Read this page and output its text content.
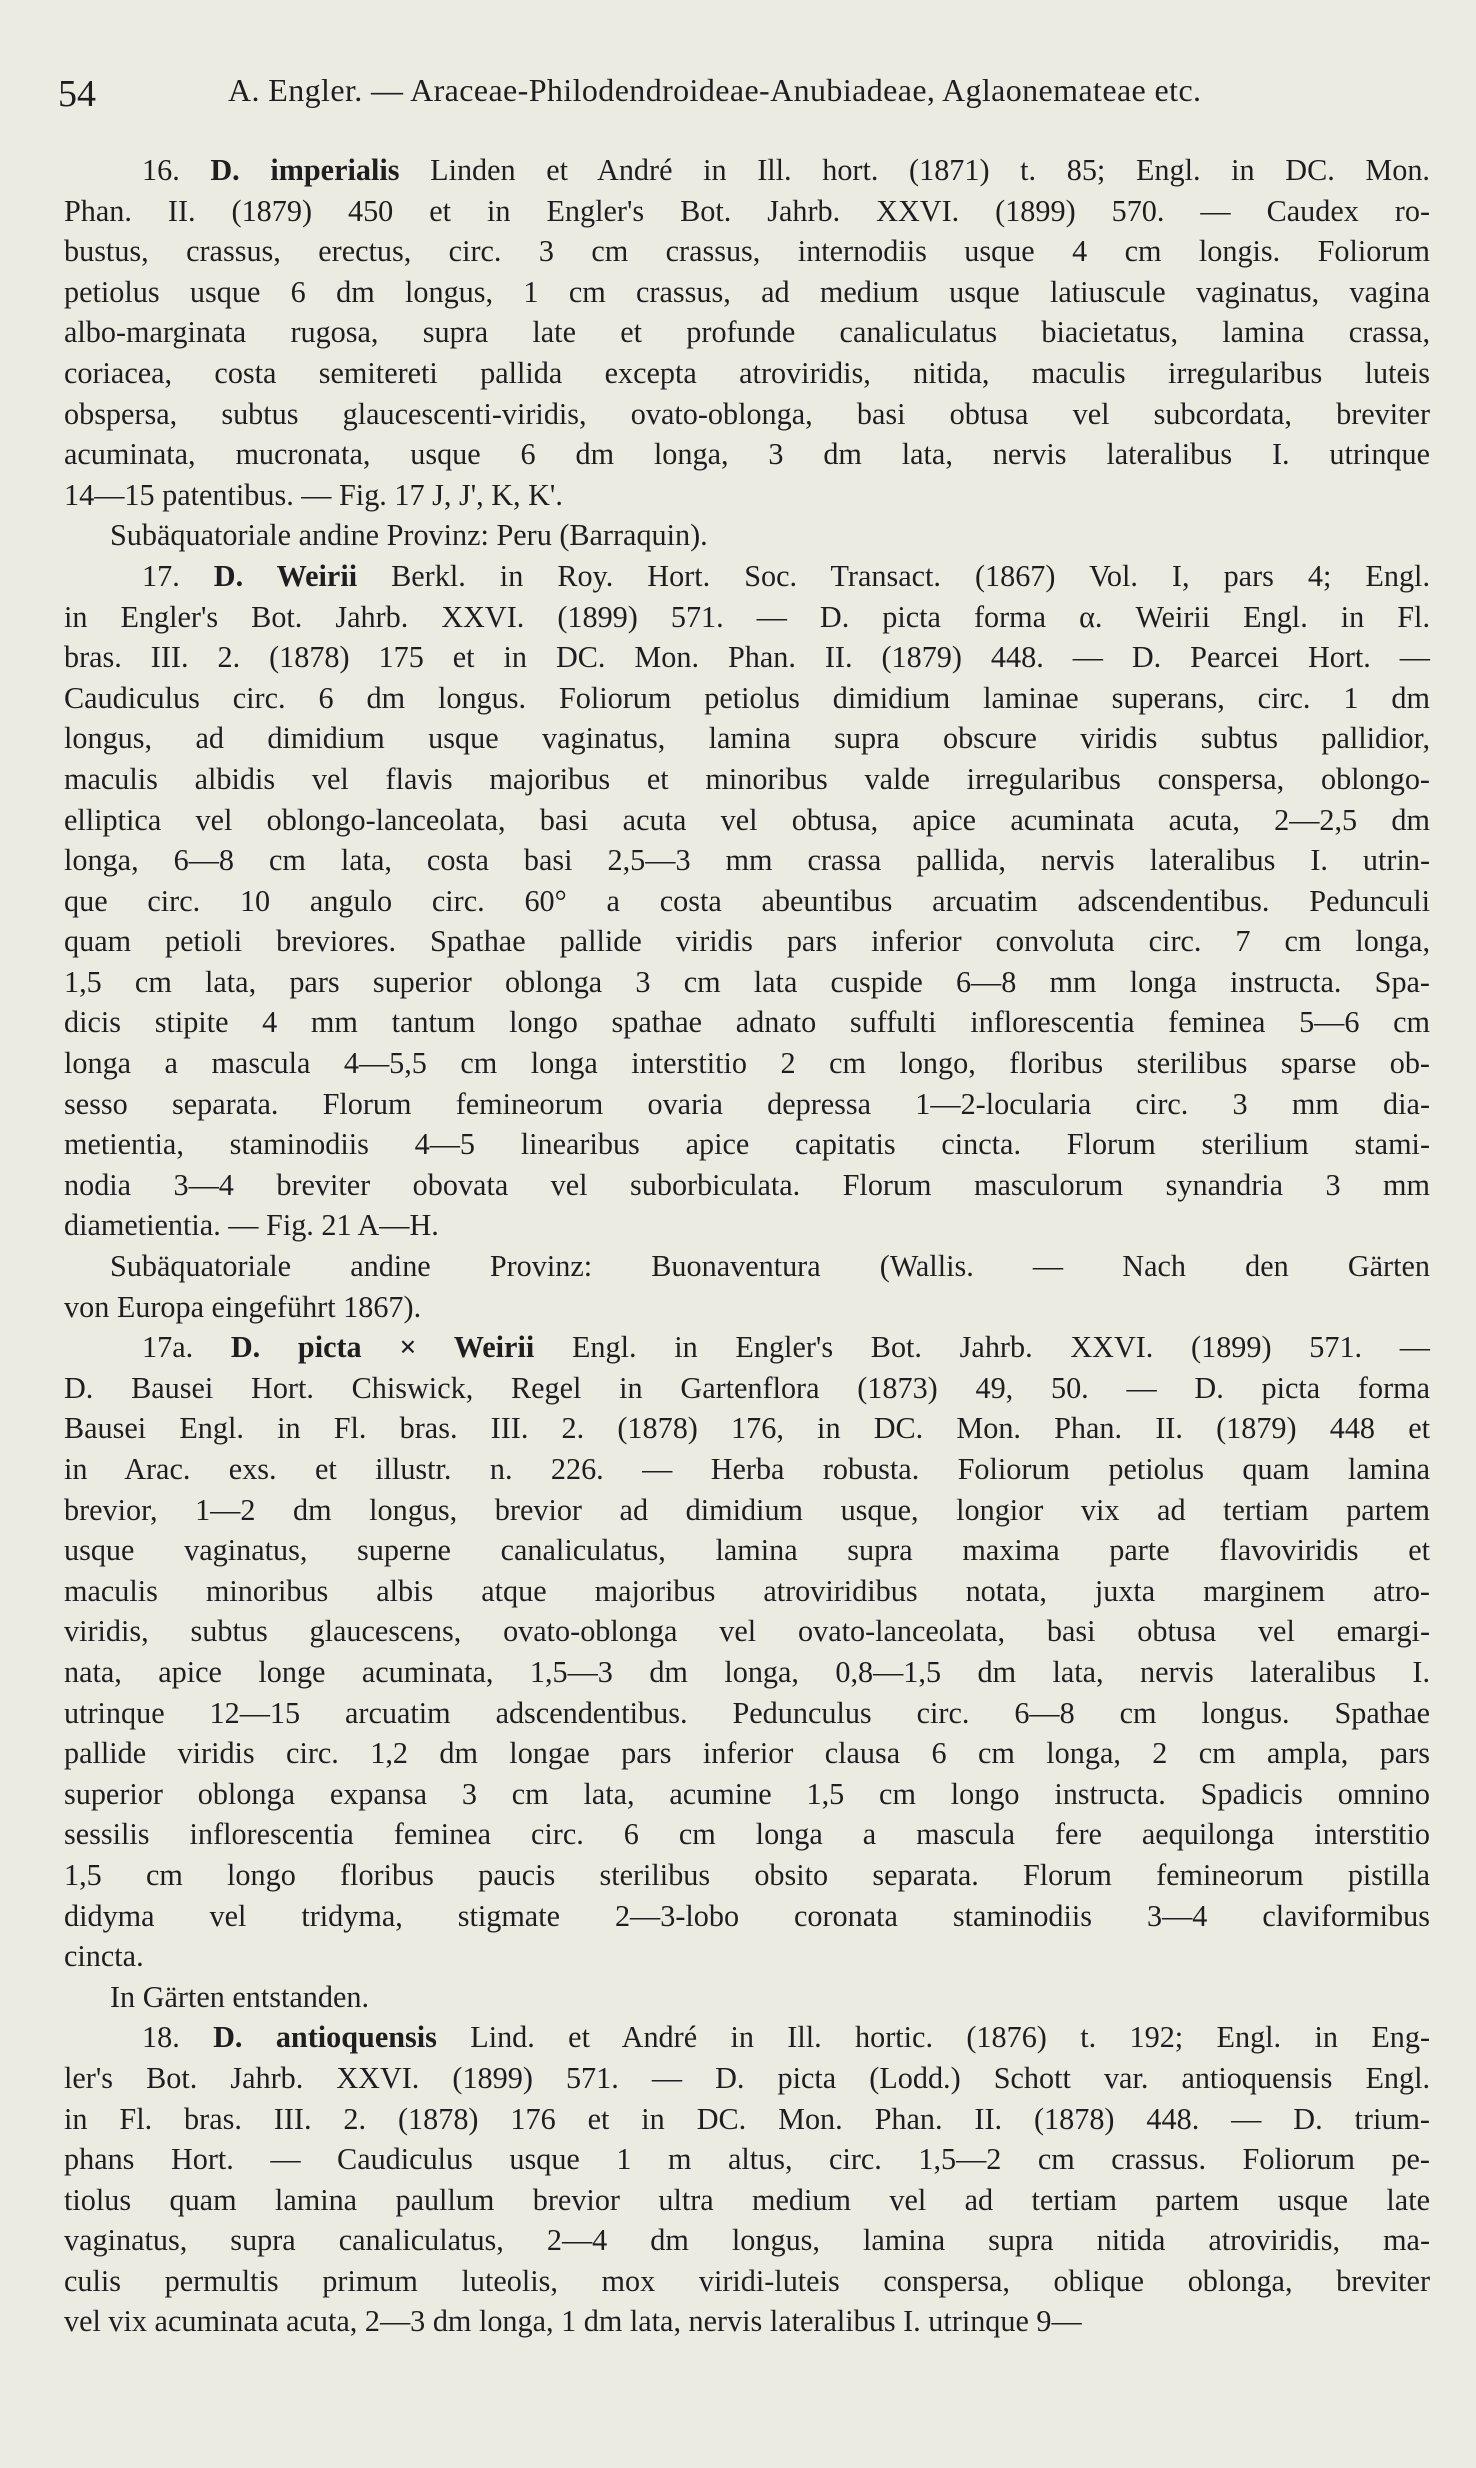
54	A. Engler. — Araceae-Philodendroideae-Anubiadeae, Aglaonemateae etc.
16. D. imperialis Linden et André in Ill. hort. (1871) t. 85; Engl. in DC. Mon.
Phan. II. (1879) 450 et in Engler's Bot. Jahrb. XXVI. (1899) 570. — Caudex ro-
bustus, crassus, erectus, circ. 3 cm crassus, internodiis usque 4 cm longis. Foliorum
petiolus usque 6 dm longus, 1 cm crassus, ad medium usque latiuscule vaginatus, vagina
albo-marginata rugosa, supra late et profunde canaliculatus biacietatus, lamina crassa,
coriacea, costa semitereti pallida excepta atroviridis, nitida, maculis irregularibus luteis
obspersa, subtus glaucescenti-viridis, ovato-oblonga, basi obtusa vel subcordata, breviter
acuminata, mucronata, usque 6 dm longa, 3 dm lata, nervis lateralibus I. utrinque
14—15 patentibus. — Fig. 17 J, J', K, K'.
Subäquatoriale andine Provinz: Peru (Barraquin).
17. D. Weirii Berkl. in Roy. Hort. Soc. Transact. (1867) Vol. I, pars 4; Engl.
in Engler's Bot. Jahrb. XXVI. (1899) 571. — D. picta forma α. Weirii Engl. in Fl.
bras. III. 2. (1878) 175 et in DC. Mon. Phan. II. (1879) 448. — D. Pearcei Hort. —
Caudiculus circ. 6 dm longus. Foliorum petiolus dimidium laminae superans, circ. 1 dm
longus, ad dimidium usque vaginatus, lamina supra obscure viridis subtus pallidior,
maculis albidis vel flavis majoribus et minoribus valde irregularibus conspersa, oblongo-
elliptica vel oblongo-lanceolata, basi acuta vel obtusa, apice acuminata acuta, 2—2,5 dm
longa, 6—8 cm lata, costa basi 2,5—3 mm crassa pallida, nervis lateralibus I. utrin-
que circ. 10 angulo circ. 60° a costa abeuntibus arcuatim adscendentibus. Pedunculi
quam petioli breviores. Spathae pallide viridis pars inferior convoluta circ. 7 cm longa,
1,5 cm lata, pars superior oblonga 3 cm lata cuspide 6—8 mm longa instructa. Spa-
dicis stipite 4 mm tantum longo spathae adnato suffulti inflorescentia feminea 5—6 cm
longa a mascula 4—5,5 cm longa interstitio 2 cm longo, floribus sterilibus sparse ob-
sesso separata. Florum femineorum ovaria depressa 1—2-locularia circ. 3 mm dia-
metientia, staminodiis 4—5 linearibus apice capitatis cincta. Florum sterilium stami-
nodia 3—4 breviter obovata vel suborbiculata. Florum masculorum synandria 3 mm
diametientia. — Fig. 21 A—H.
Subäquatoriale andine Provinz: Buonaventura (Wallis. — Nach den Gärten
von Europa eingeführt 1867).
17a. D. picta × Weirii Engl. in Engler's Bot. Jahrb. XXVI. (1899) 571. —
D. Bausei Hort. Chiswick, Regel in Gartenflora (1873) 49, 50. — D. picta forma
Bausei Engl. in Fl. bras. III. 2. (1878) 176, in DC. Mon. Phan. II. (1879) 448 et
in Arac. exs. et illustr. n. 226. — Herba robusta. Foliorum petiolus quam lamina
brevior, 1—2 dm longus, brevior ad dimidium usque, longior vix ad tertiam partem
usque vaginatus, superne canaliculatus, lamina supra maxima parte flavoviridis et
maculis minoribus albis atque majoribus atroviridibus notata, juxta marginem atro-
viridis, subtus glaucescens, ovato-oblonga vel ovato-lanceolata, basi obtusa vel emargi-
nata, apice longe acuminata, 1,5—3 dm longa, 0,8—1,5 dm lata, nervis lateralibus I.
utrinque 12—15 arcuatim adscendentibus. Pedunculus circ. 6—8 cm longus. Spathae
pallide viridis circ. 1,2 dm longae pars inferior clausa 6 cm longa, 2 cm ampla, pars
superior oblonga expansa 3 cm lata, acumine 1,5 cm longo instructa. Spadicis omnino
sessilis inflorescentia feminea circ. 6 cm longa a mascula fere aequilonga interstitio
1,5 cm longo floribus paucis sterilibus obsito separata. Florum femineorum pistilla
didyma vel tridyma, stigmate 2—3-lobo coronata staminodiis 3—4 claviformibus
cincta.
In Gärten entstanden.
18. D. antioquensis Lind. et André in Ill. hortic. (1876) t. 192; Engl. in Eng-
ler's Bot. Jahrb. XXVI. (1899) 571. — D. picta (Lodd.) Schott var. antioquensis Engl.
in Fl. bras. III. 2. (1878) 176 et in DC. Mon. Phan. II. (1878) 448. — D. trium-
phans Hort. — Caudiculus usque 1 m altus, circ. 1,5—2 cm crassus. Foliorum pe-
tiolus quam lamina paullum brevior ultra medium vel ad tertiam partem usque late
vaginatus, supra canaliculatus, 2—4 dm longus, lamina supra nitida atroviridis, ma-
culis permultis primum luteolis, mox viridi-luteis conspersa, oblique oblonga, breviter
vel vix acuminata acuta, 2—3 dm longa, 1 dm lata, nervis lateralibus I. utrinque 9—
